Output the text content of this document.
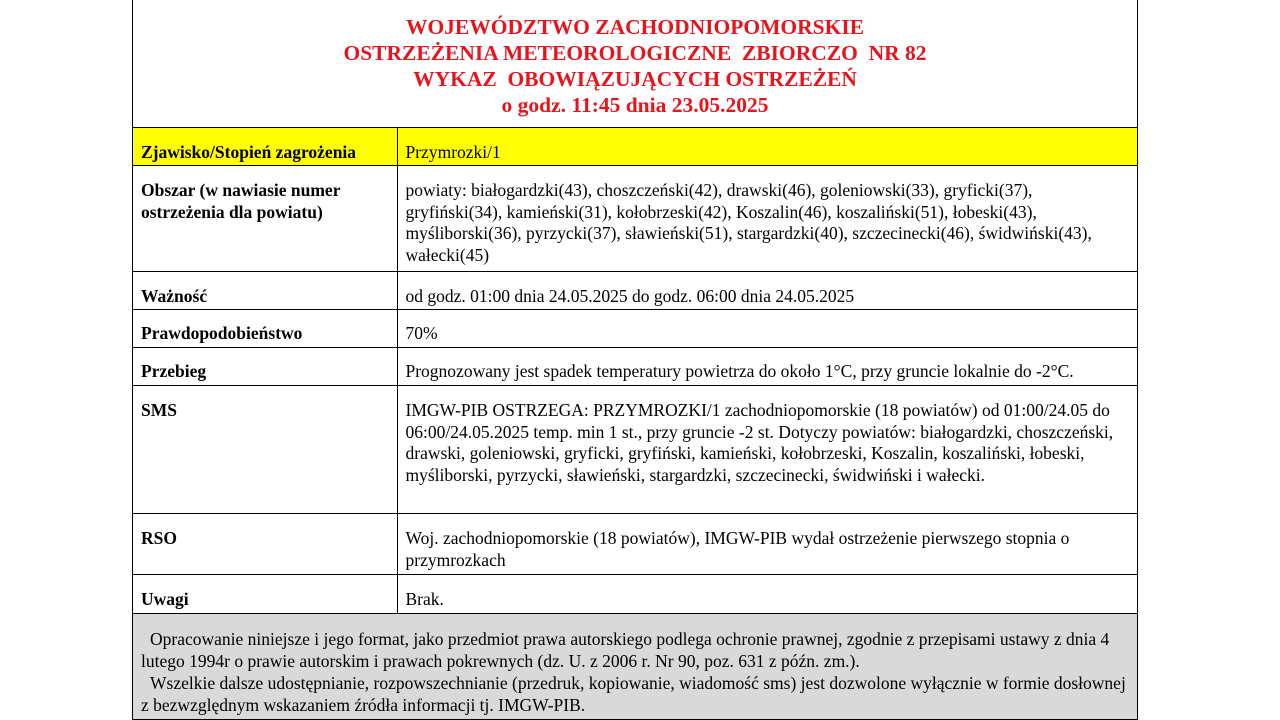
WOJEWÓDZTWO ZACHODNIOPOMORSKIE
OSTRZEŻENIA METEOROLOGICZNE  ZBIORCZO  NR 82
WYKAZ  OBOWIĄZUJĄCYCH OSTRZEŻEŃ
o godz. 11:45 dnia 23.05.2025
Zjawisko/Stopień zagrożenia	Przymrozki/1
Obszar (w nawiasie numer ostrzeżenia dla powiatu)	powiaty: białogardzki(43), choszczeński(42), drawski(46), goleniowski(33), gryficki(37), gryfiński(34), kamieński(31), kołobrzeski(42), Koszalin(46), koszaliński(51), łobeski(43), myśliborski(36), pyrzycki(37), sławieński(51), stargardzki(40), szczecinecki(46), świdwiński(43), wałecki(45)
Ważność	od godz. 01:00 dnia 24.05.2025 do godz. 06:00 dnia 24.05.2025
Prawdopodobieństwo	70%
Przebieg	Prognozowany jest spadek temperatury powietrza do około 1°C, przy gruncie lokalnie do -2°C.
SMS	IMGW-PIB OSTRZEGA: PRZYMROZKI/1 zachodniopomorskie (18 powiatów) od 01:00/24.05 do 06:00/24.05.2025 temp. min 1 st., przy gruncie -2 st. Dotyczy powiatów: białogardzki, choszczeński, drawski, goleniowski, gryficki, gryfiński, kamieński, kołobrzeski, Koszalin, koszaliński, łobeski, myśliborski, pyrzycki, sławieński, stargardzki, szczecinecki, świdwiński i wałecki.
RSO	Woj. zachodniopomorskie (18 powiatów), IMGW-PIB wydał ostrzeżenie pierwszego stopnia o przymrozkach
Uwagi	Brak.

Opracowanie niniejsze i jego format, jako przedmiot prawa autorskiego podlega ochronie prawnej, zgodnie z przepisami ustawy z dnia 4 lutego 1994r o prawie autorskim i prawach pokrewnych (dz. U. z 2006 r. Nr 90, poz. 631 z późn. zm.).

Wszelkie dalsze udostępnianie, rozpowszechnianie (przedruk, kopiowanie, wiadomość sms) jest dozwolone wyłącznie w formie dosłownej z bezwzględnym wskazaniem źródła informacji tj. IMGW-PIB.
